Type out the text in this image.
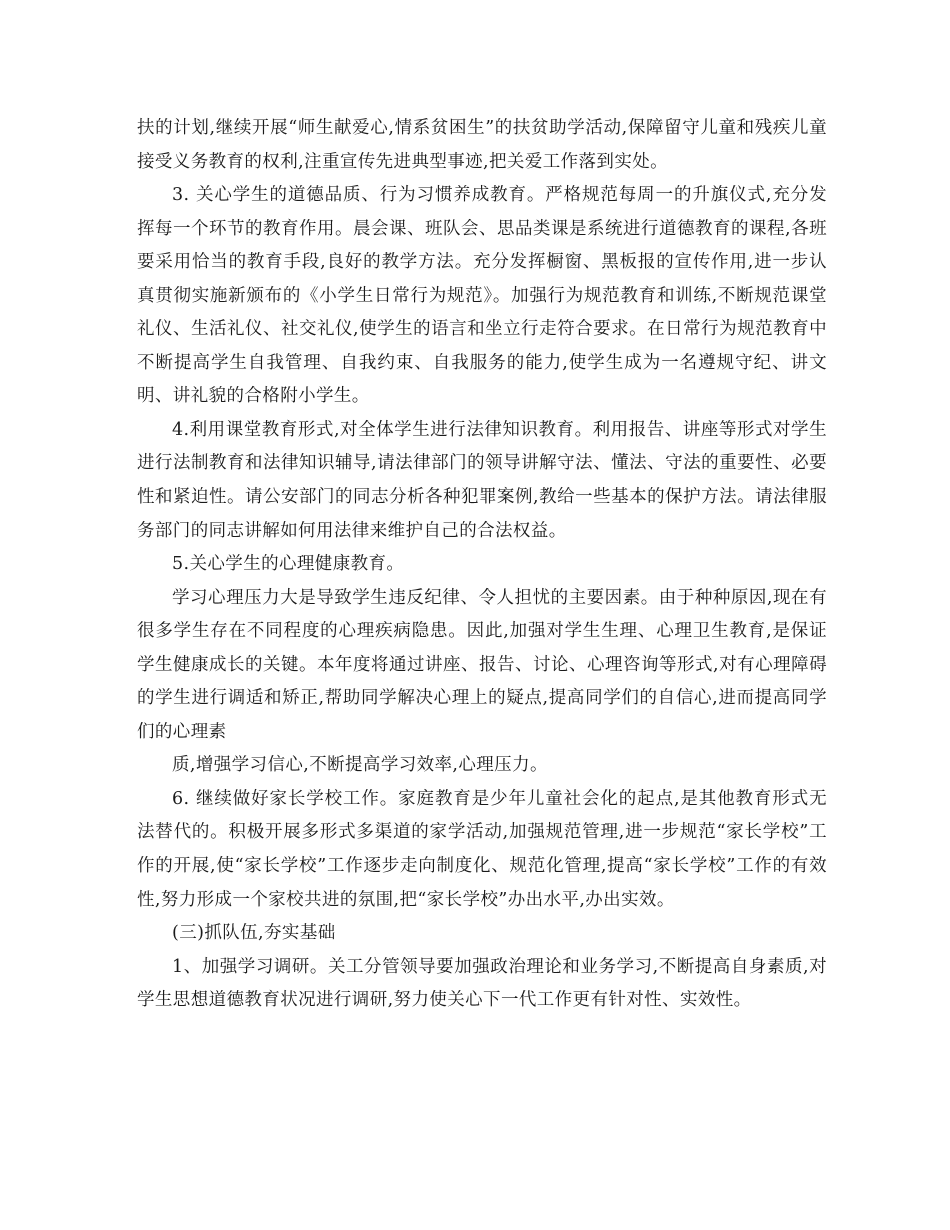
扶的计划,继续开展“师生献爱心,情系贫困生”的扶贫助学活动,保障留守儿童和残疾儿童接受义务教育的权利,注重宣传先进典型事迹,把关爱工作落到实处。

3. 关心学生的道德品质、行为习惯养成教育。严格规范每周一的升旗仪式,充分发挥每一个环节的教育作用。晨会课、班队会、思品类课是系统进行道德教育的课程,各班要采用恰当的教育手段,良好的教学方法。充分发挥橱窗、黑板报的宣传作用,进一步认真贯彻实施新颁布的《小学生日常行为规范》。加强行为规范教育和训练,不断规范课堂礼仪、生活礼仪、社交礼仪,使学生的语言和坐立行走符合要求。在日常行为规范教育中不断提高学生自我管理、自我约束、自我服务的能力,使学生成为一名遵规守纪、讲文明、讲礼貌的合格附小学生。

4.利用课堂教育形式,对全体学生进行法律知识教育。利用报告、讲座等形式对学生进行法制教育和法律知识辅导,请法律部门的领导讲解守法、懂法、守法的重要性、必要性和紧迫性。请公安部门的同志分析各种犯罪案例,教给一些基本的保护方法。请法律服务部门的同志讲解如何用法律来维护自己的合法权益。

5.关心学生的心理健康教育。

学习心理压力大是导致学生违反纪律、令人担忧的主要因素。由于种种原因,现在有很多学生存在不同程度的心理疾病隐患。因此,加强对学生生理、心理卫生教育,是保证学生健康成长的关键。本年度将通过讲座、报告、讨论、心理咨询等形式,对有心理障碍的学生进行调适和矫正,帮助同学解决心理上的疑点,提高同学们的自信心,进而提高同学们的心理素

质,增强学习信心,不断提高学习效率,心理压力。

6. 继续做好家长学校工作。家庭教育是少年儿童社会化的起点,是其他教育形式无法替代的。积极开展多形式多渠道的家学活动,加强规范管理,进一步规范“家长学校”工作的开展,使“家长学校”工作逐步走向制度化、规范化管理,提高“家长学校”工作的有效性,努力形成一个家校共进的氛围,把“家长学校”办出水平,办出实效。

(三)抓队伍,夯实基础

1、加强学习调研。关工分管领导要加强政治理论和业务学习,不断提高自身素质,对学生思想道德教育状况进行调研,努力使关心下一代工作更有针对性、实效性。
